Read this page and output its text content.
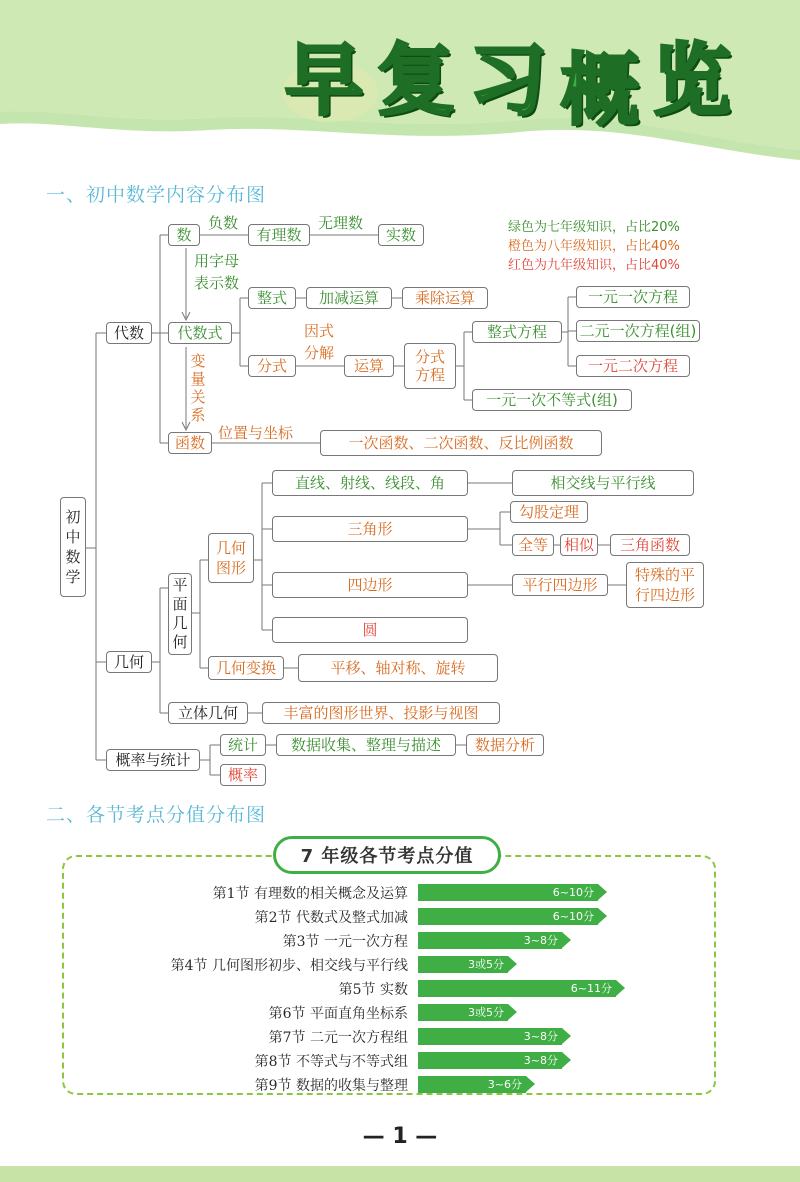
早 复 习 概 览
一、初中数学内容分布图
绿色为七年级知识，占比20%
橙色为八年级知识，占比40%
红色为九年级知识，占比40%
初中数学
代数
数
负数
有理数
无理数
实数
用字母
表示数
代数式
整式	加减运算	乘除运算
因式
分解
分式	运算	分式
方程
整式方程
一元一次方程
二元一次方程(组)
一元二次方程
一元一次不等式(组)
变
量
关
系
函数
位置与坐标
一次函数、二次函数、反比例函数
几何
平
面
几
何
几何
图形
直线、射线、线段、角	相交线与平行线
三角形
勾股定理
全等	相似	三角函数
四边形	平行四边形
特殊的平
行四边形
圆
几何变换	平移、轴对称、旋转
立体几何	丰富的图形世界、投影与视图
概率与统计
统计	数据收集、整理与描述	数据分析
概率
二、各节考点分值分布图
7 年级各节考点分值
第1节 有理数的相关概念及运算	6~10分
第2节 代数式及整式加减	6~10分
第3节 一元一次方程	3~8分
第4节 几何图形初步、相交线与平行线	3或5分
第5节 实数	6~11分
第6节 平面直角坐标系	3或5分
第7节 二元一次方程组	3~8分
第8节 不等式与不等式组	3~8分
第9节 数据的收集与整理	3~6分
— 1 —
